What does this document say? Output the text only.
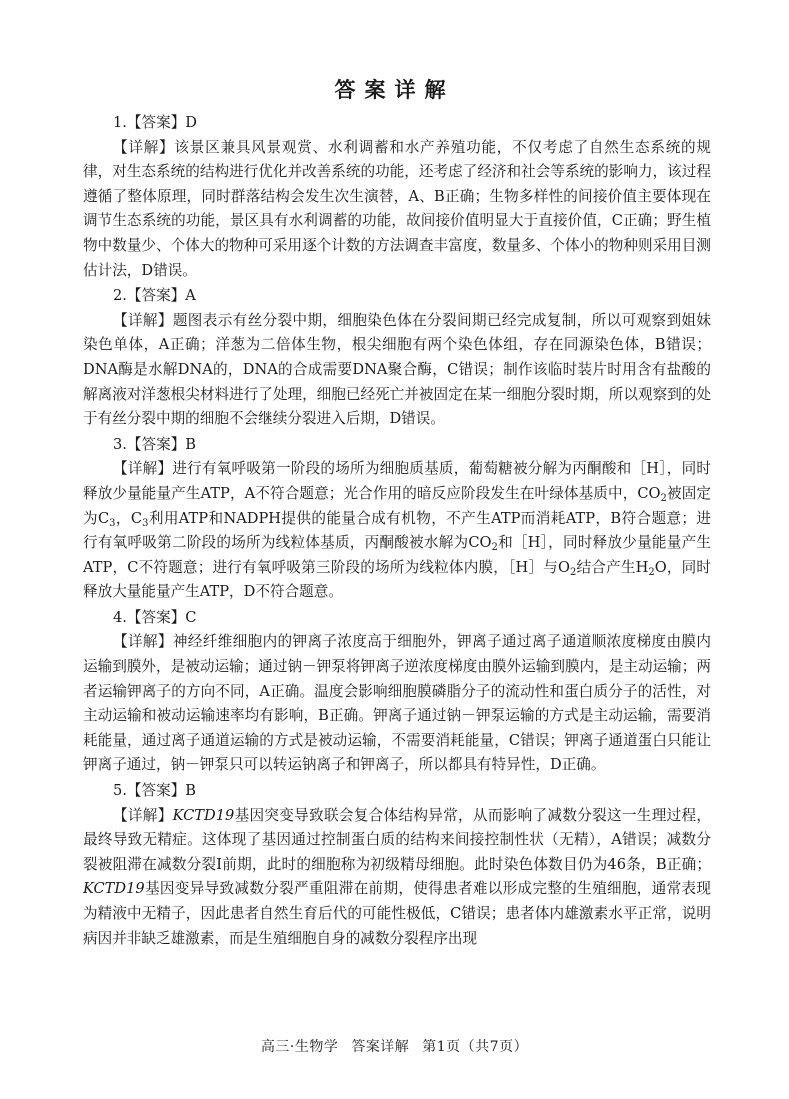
答案详解
1.【答案】D
【详解】该景区兼具风景观赏、水利调蓄和水产养殖功能，不仅考虑了自然生态系统的规律，对生态系统的结构进行优化并改善系统的功能，还考虑了经济和社会等系统的影响力，该过程遵循了整体原理，同时群落结构会发生次生演替，A、B正确；生物多样性的间接价值主要体现在调节生态系统的功能，景区具有水利调蓄的功能，故间接价值明显大于直接价值，C正确；野生植物中数量少、个体大的物种可采用逐个计数的方法调查丰富度，数量多、个体小的物种则采用目测估计法，D错误。
2.【答案】A
【详解】题图表示有丝分裂中期，细胞染色体在分裂间期已经完成复制，所以可观察到姐妹染色单体，A正确；洋葱为二倍体生物，根尖细胞有两个染色体组，存在同源染色体，B错误；DNA酶是水解DNA的，DNA的合成需要DNA聚合酶，C错误；制作该临时装片时用含有盐酸的解离液对洋葱根尖材料进行了处理，细胞已经死亡并被固定在某一细胞分裂时期，所以观察到的处于有丝分裂中期的细胞不会继续分裂进入后期，D错误。
3.【答案】B
【详解】进行有氧呼吸第一阶段的场所为细胞质基质，葡萄糖被分解为丙酮酸和［H］，同时释放少量能量产生ATP，A不符合题意；光合作用的暗反应阶段发生在叶绿体基质中，$CO_2$被固定为$C_3$，$C_3$利用ATP和NADPH提供的能量合成有机物，不产生ATP而消耗ATP，B符合题意；进行有氧呼吸第二阶段的场所为线粒体基质，丙酮酸被水解为$CO_2$和［H］，同时释放少量能量产生ATP，C不符题意；进行有氧呼吸第三阶段的场所为线粒体内膜，［H］与$O_2$结合产生$H_2O$，同时释放大量能量产生ATP，D不符合题意。
4.【答案】C
【详解】神经纤维细胞内的钾离子浓度高于细胞外，钾离子通过离子通道顺浓度梯度由膜内运输到膜外，是被动运输；通过钠－钾泵将钾离子逆浓度梯度由膜外运输到膜内，是主动运输；两者运输钾离子的方向不同，A正确。温度会影响细胞膜磷脂分子的流动性和蛋白质分子的活性，对主动运输和被动运输速率均有影响，B正确。钾离子通过钠－钾泵运输的方式是主动运输，需要消耗能量，通过离子通道运输的方式是被动运输，不需要消耗能量，C错误；钾离子通道蛋白只能让钾离子通过，钠－钾泵只可以转运钠离子和钾离子，所以都具有特异性，D正确。
5.【答案】B
【详解】KCTD19基因突变导致联会复合体结构异常，从而影响了减数分裂这一生理过程，最终导致无精症。这体现了基因通过控制蛋白质的结构来间接控制性状（无精），A错误；减数分裂被阻滞在减数分裂Ⅰ前期，此时的细胞称为初级精母细胞。此时染色体数目仍为46条，B正确；KCTD19基因变异导致减数分裂严重阻滞在前期，使得患者难以形成完整的生殖细胞，通常表现为精液中无精子，因此患者自然生育后代的可能性极低，C错误；患者体内雄激素水平正常，说明病因并非缺乏雄激素，而是生殖细胞自身的减数分裂程序出现
高三·生物学 答案详解 第1页（共7页）
